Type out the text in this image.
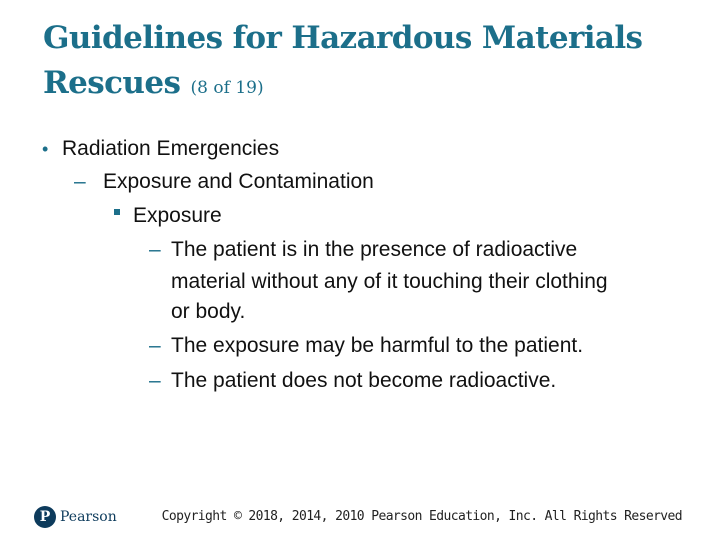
Guidelines for Hazardous Materials
Rescues (8 of 19)
• Radiation Emergencies
– Exposure and Contamination
Exposure
– The patient is in the presence of radioactive
material without any of it touching their clothing
or body.
– The exposure may be harmful to the patient.
– The patient does not become radioactive.
P Pearson	Copyright © 2018, 2014, 2010 Pearson Education, Inc. All Rights Reserved
